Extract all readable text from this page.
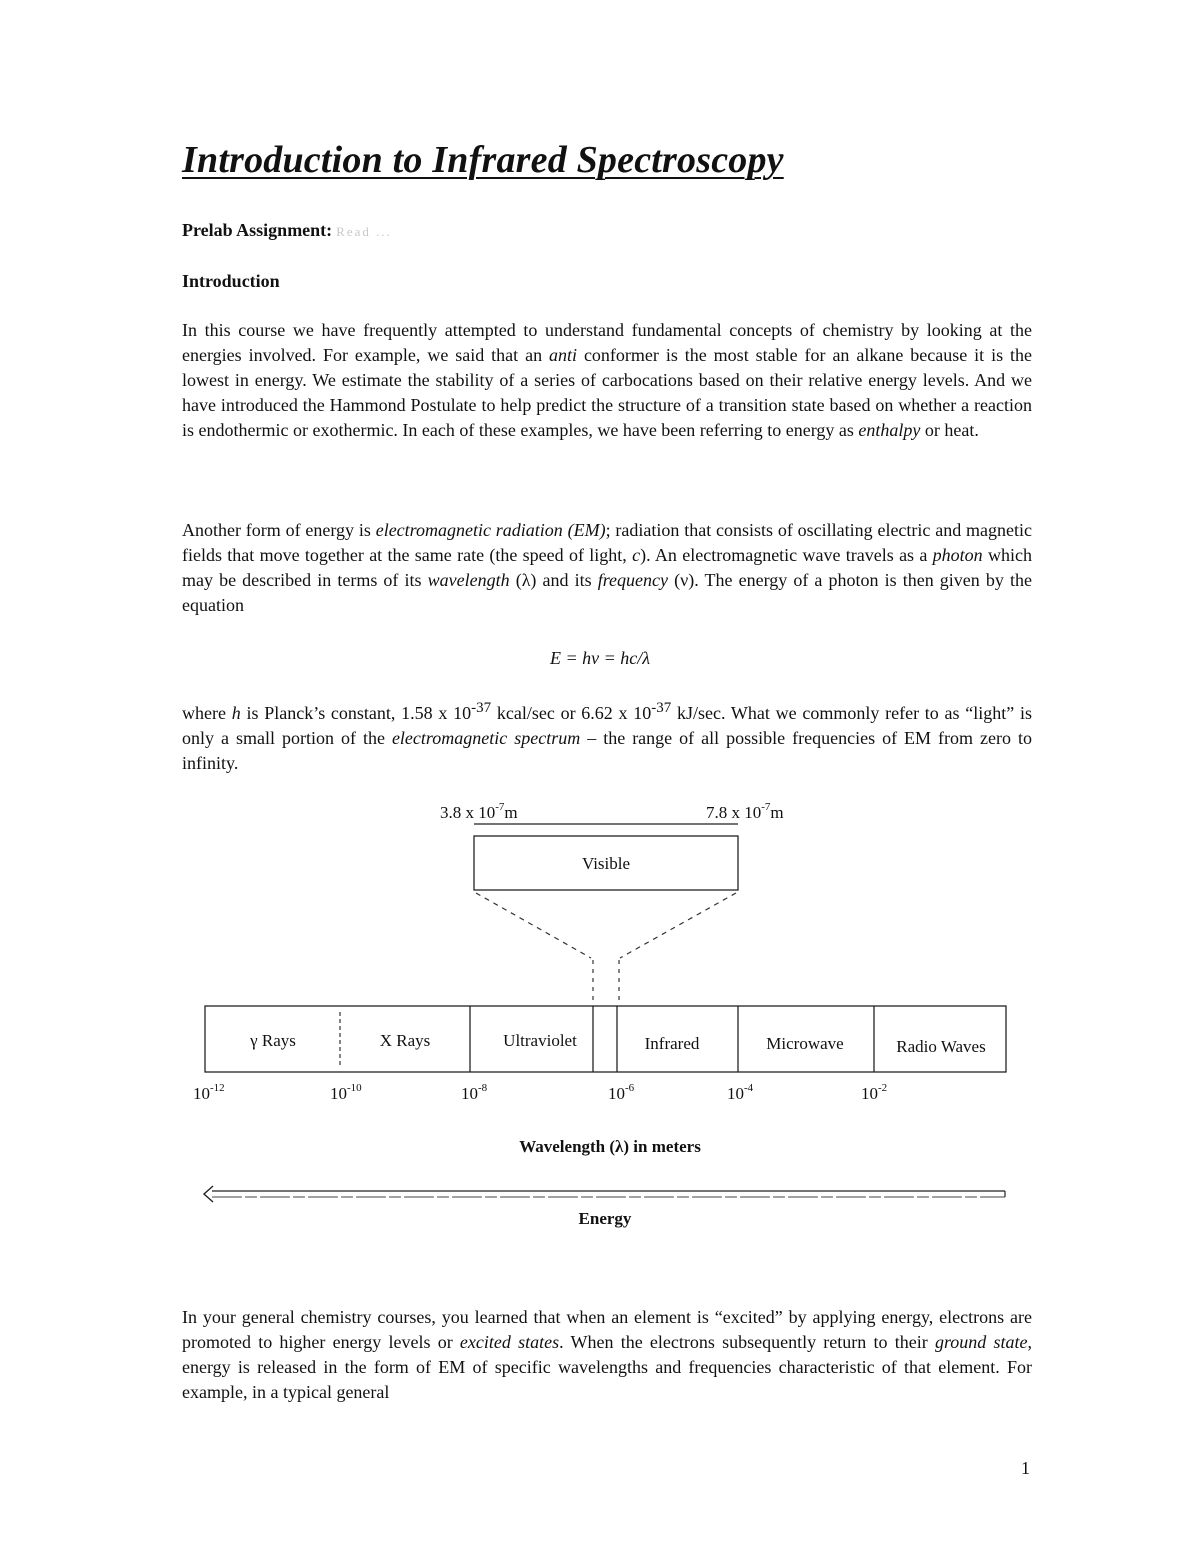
Introduction to Infrared Spectroscopy
Prelab Assignment: Read ...
Introduction

In this course we have frequently attempted to understand fundamental concepts of chemistry by looking at the energies involved. For example, we said that an anti conformer is the most stable for an alkane because it is the lowest in energy. We estimate the stability of a series of carbocations based on their relative energy levels. And we have introduced the Hammond Postulate to help predict the structure of a transition state based on whether a reaction is endothermic or exothermic. In each of these examples, we have been referring to energy as enthalpy or heat.

Another form of energy is electromagnetic radiation (EM); radiation that consists of oscillating electric and magnetic fields that move together at the same rate (the speed of light, c). An electromagnetic wave travels as a photon which may be described in terms of its wavelength (λ) and its frequency (ν). The energy of a photon is then given by the equation

E = hν = hc/λ

where h is Planck’s constant, 1.58 x $10^{-37}$ kcal/sec or 6.62 x $10^{-37}$ kJ/sec. What we commonly refer to as “light” is only a small portion of the electromagnetic spectrum – the range of all possible frequencies of EM from zero to infinity.

3.8 x $10^{-7}m$	7.8 x $10^{-7}m$
Visible
γ Rays	X Rays	Ultraviolet	Infrared	Microwave	Radio Waves
$10^{-12}$	$10^{-10}$	$10^{-8}$	$10^{-6}$	$10^{-4}$	$10^{-2}$
Wavelength (λ) in meters
Energy

In your general chemistry courses, you learned that when an element is “excited” by applying energy, electrons are promoted to higher energy levels or excited states. When the electrons subsequently return to their ground state, energy is released in the form of EM of specific wavelengths and frequencies characteristic of that element. For example, in a typical general

1
